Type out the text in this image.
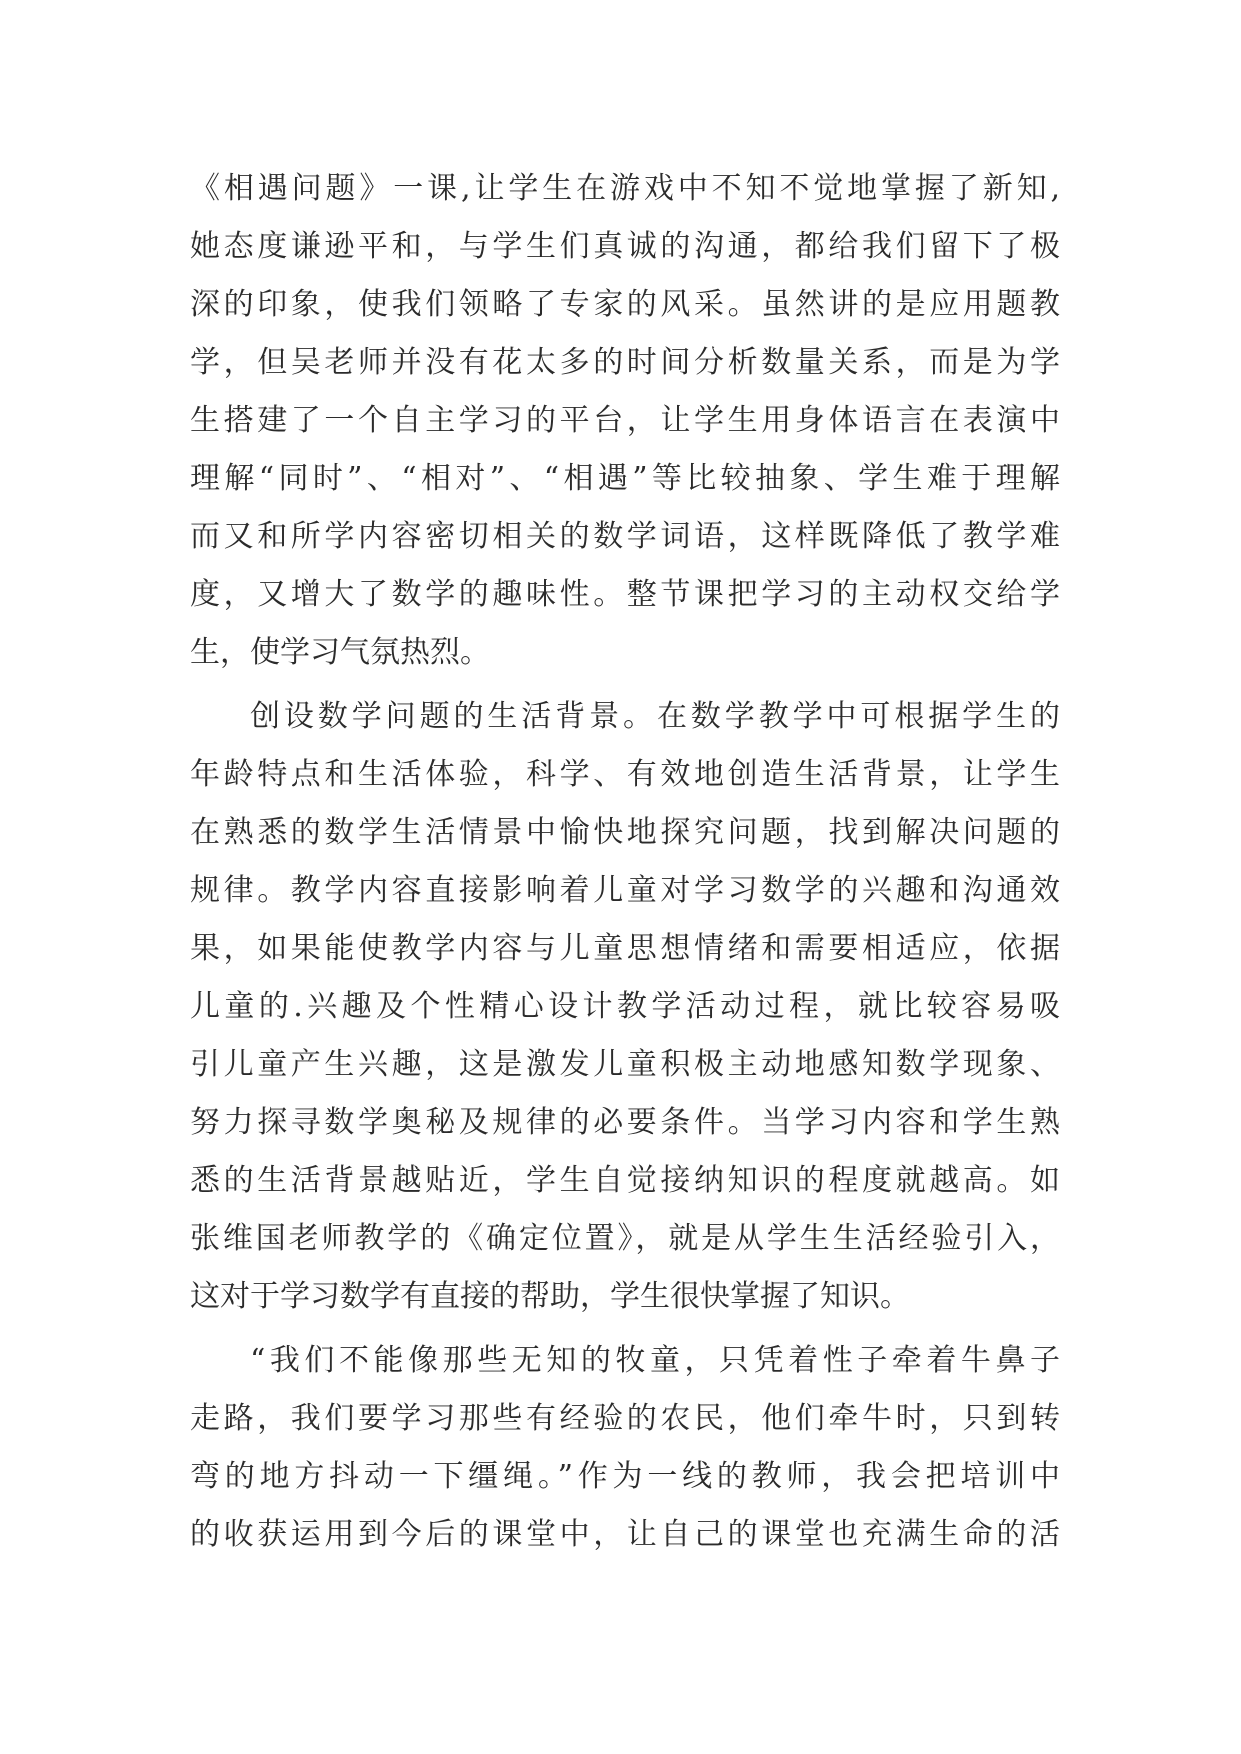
《相遇问题》一课,让学生在游戏中不知不觉地掌握了新知,
她态度谦逊平和，与学生们真诚的沟通，都给我们留下了极
深的印象，使我们领略了专家的风采。虽然讲的是应用题教
学，但吴老师并没有花太多的时间分析数量关系，而是为学
生搭建了一个自主学习的平台，让学生用身体语言在表演中
理解“同时”、“相对”、“相遇”等比较抽象、学生难于理解
而又和所学内容密切相关的数学词语，这样既降低了教学难
度，又增大了数学的趣味性。整节课把学习的主动权交给学
生，使学习气氛热烈。
创设数学问题的生活背景。在数学教学中可根据学生的
年龄特点和生活体验，科学、有效地创造生活背景，让学生
在熟悉的数学生活情景中愉快地探究问题，找到解决问题的
规律。教学内容直接影响着儿童对学习数学的兴趣和沟通效
果，如果能使教学内容与儿童思想情绪和需要相适应，依据
儿童的.兴趣及个性精心设计教学活动过程，就比较容易吸
引儿童产生兴趣，这是激发儿童积极主动地感知数学现象、
努力探寻数学奥秘及规律的必要条件。当学习内容和学生熟
悉的生活背景越贴近，学生自觉接纳知识的程度就越高。如
张维国老师教学的《确定位置》，就是从学生生活经验引入，
这对于学习数学有直接的帮助，学生很快掌握了知识。
“我们不能像那些无知的牧童，只凭着性子牵着牛鼻子
走路，我们要学习那些有经验的农民，他们牵牛时，只到转
弯的地方抖动一下缰绳。”作为一线的教师，我会把培训中
的收获运用到今后的课堂中，让自己的课堂也充满生命的活
